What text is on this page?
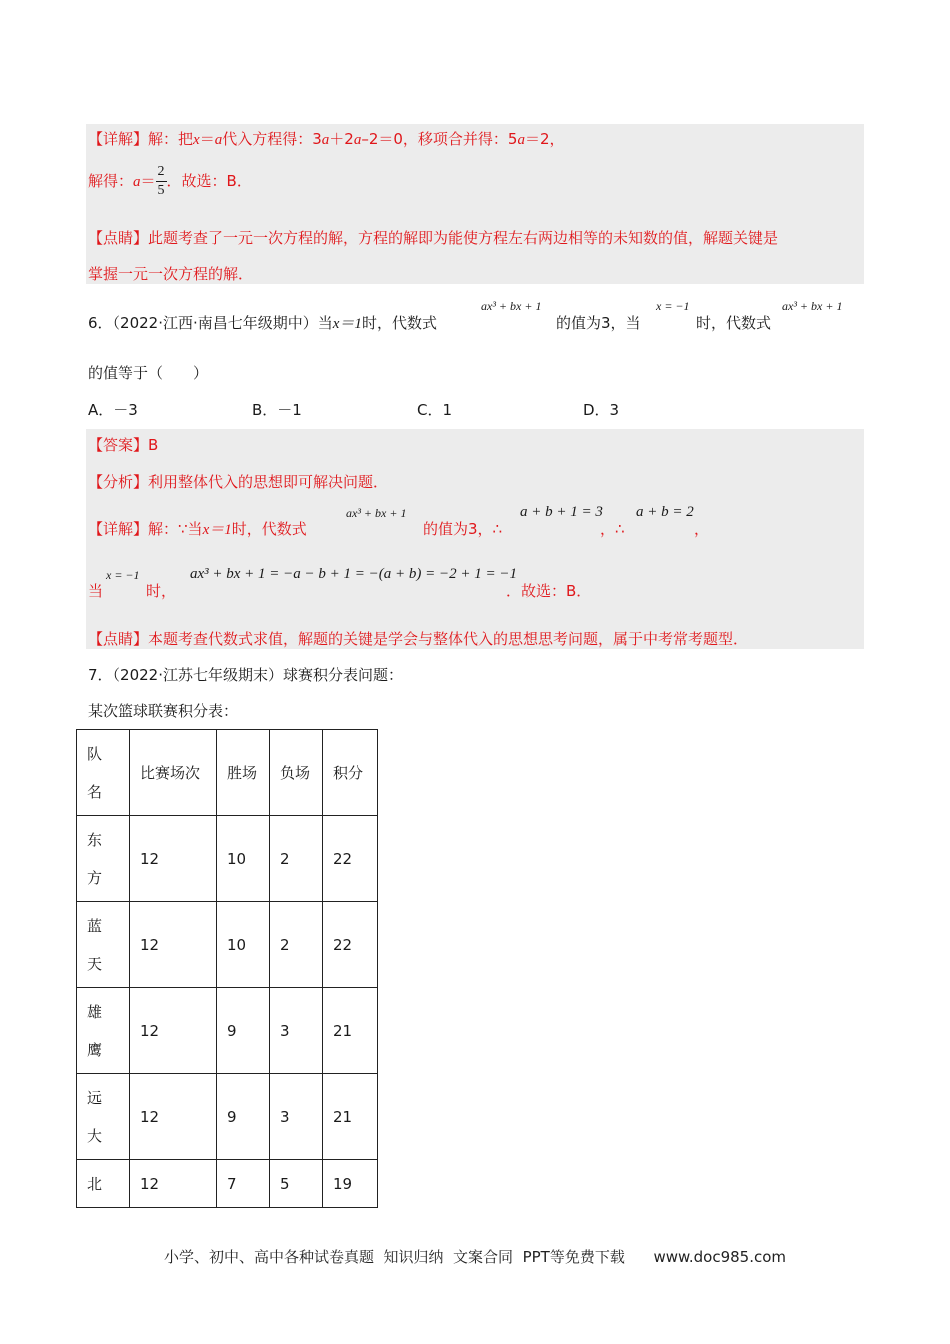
【详解】解：把x＝a代入方程得：3a＋2a–2＝0，移项合并得：5a＝2，
解得：$a= \frac{2}{5}$ ．故选：B．
【点睛】此题考查了一元一次方程的解，方程的解即为能使方程左右两边相等的未知数的值，解题关键是
掌握一元一次方程的解．
6．（2022·江西·南昌七年级期中）当x＝1时，代数式
ax³ + bx + 1
的值为3，当
x = −1
时，代数式
ax³ + bx + 1
的值等于（　　）
A．－3	B．－1	C．1	D．3
【答案】B
【分析】利用整体代入的思想即可解决问题．
【详解】解：∵当x＝1时，代数式
ax³ + bx + 1
的值为3，∴
a + b + 1 = 3
，∴
a + b = 2
，
当
x = −1
时，
ax³ + bx + 1 = −a − b + 1 = −(a + b) = −2 + 1 = −1
．故选：B．
【点睛】本题考查代数式求值，解题的关键是学会与整体代入的思想思考问题，属于中考常考题型．
7．（2022·江苏七年级期末）球赛积分表问题：
某次篮球联赛积分表：
队
名	比赛场次	胜场	负场	积分
东
方	12	10	2	22
蓝
天	12	10	2	22
雄
鹰	12	9	3	21
远
大	12	9	3	21
北	12	7	5	19
小学、初中、高中各种试卷真题  知识归纳  文案合同  PPT等免费下载      www.doc985.com
